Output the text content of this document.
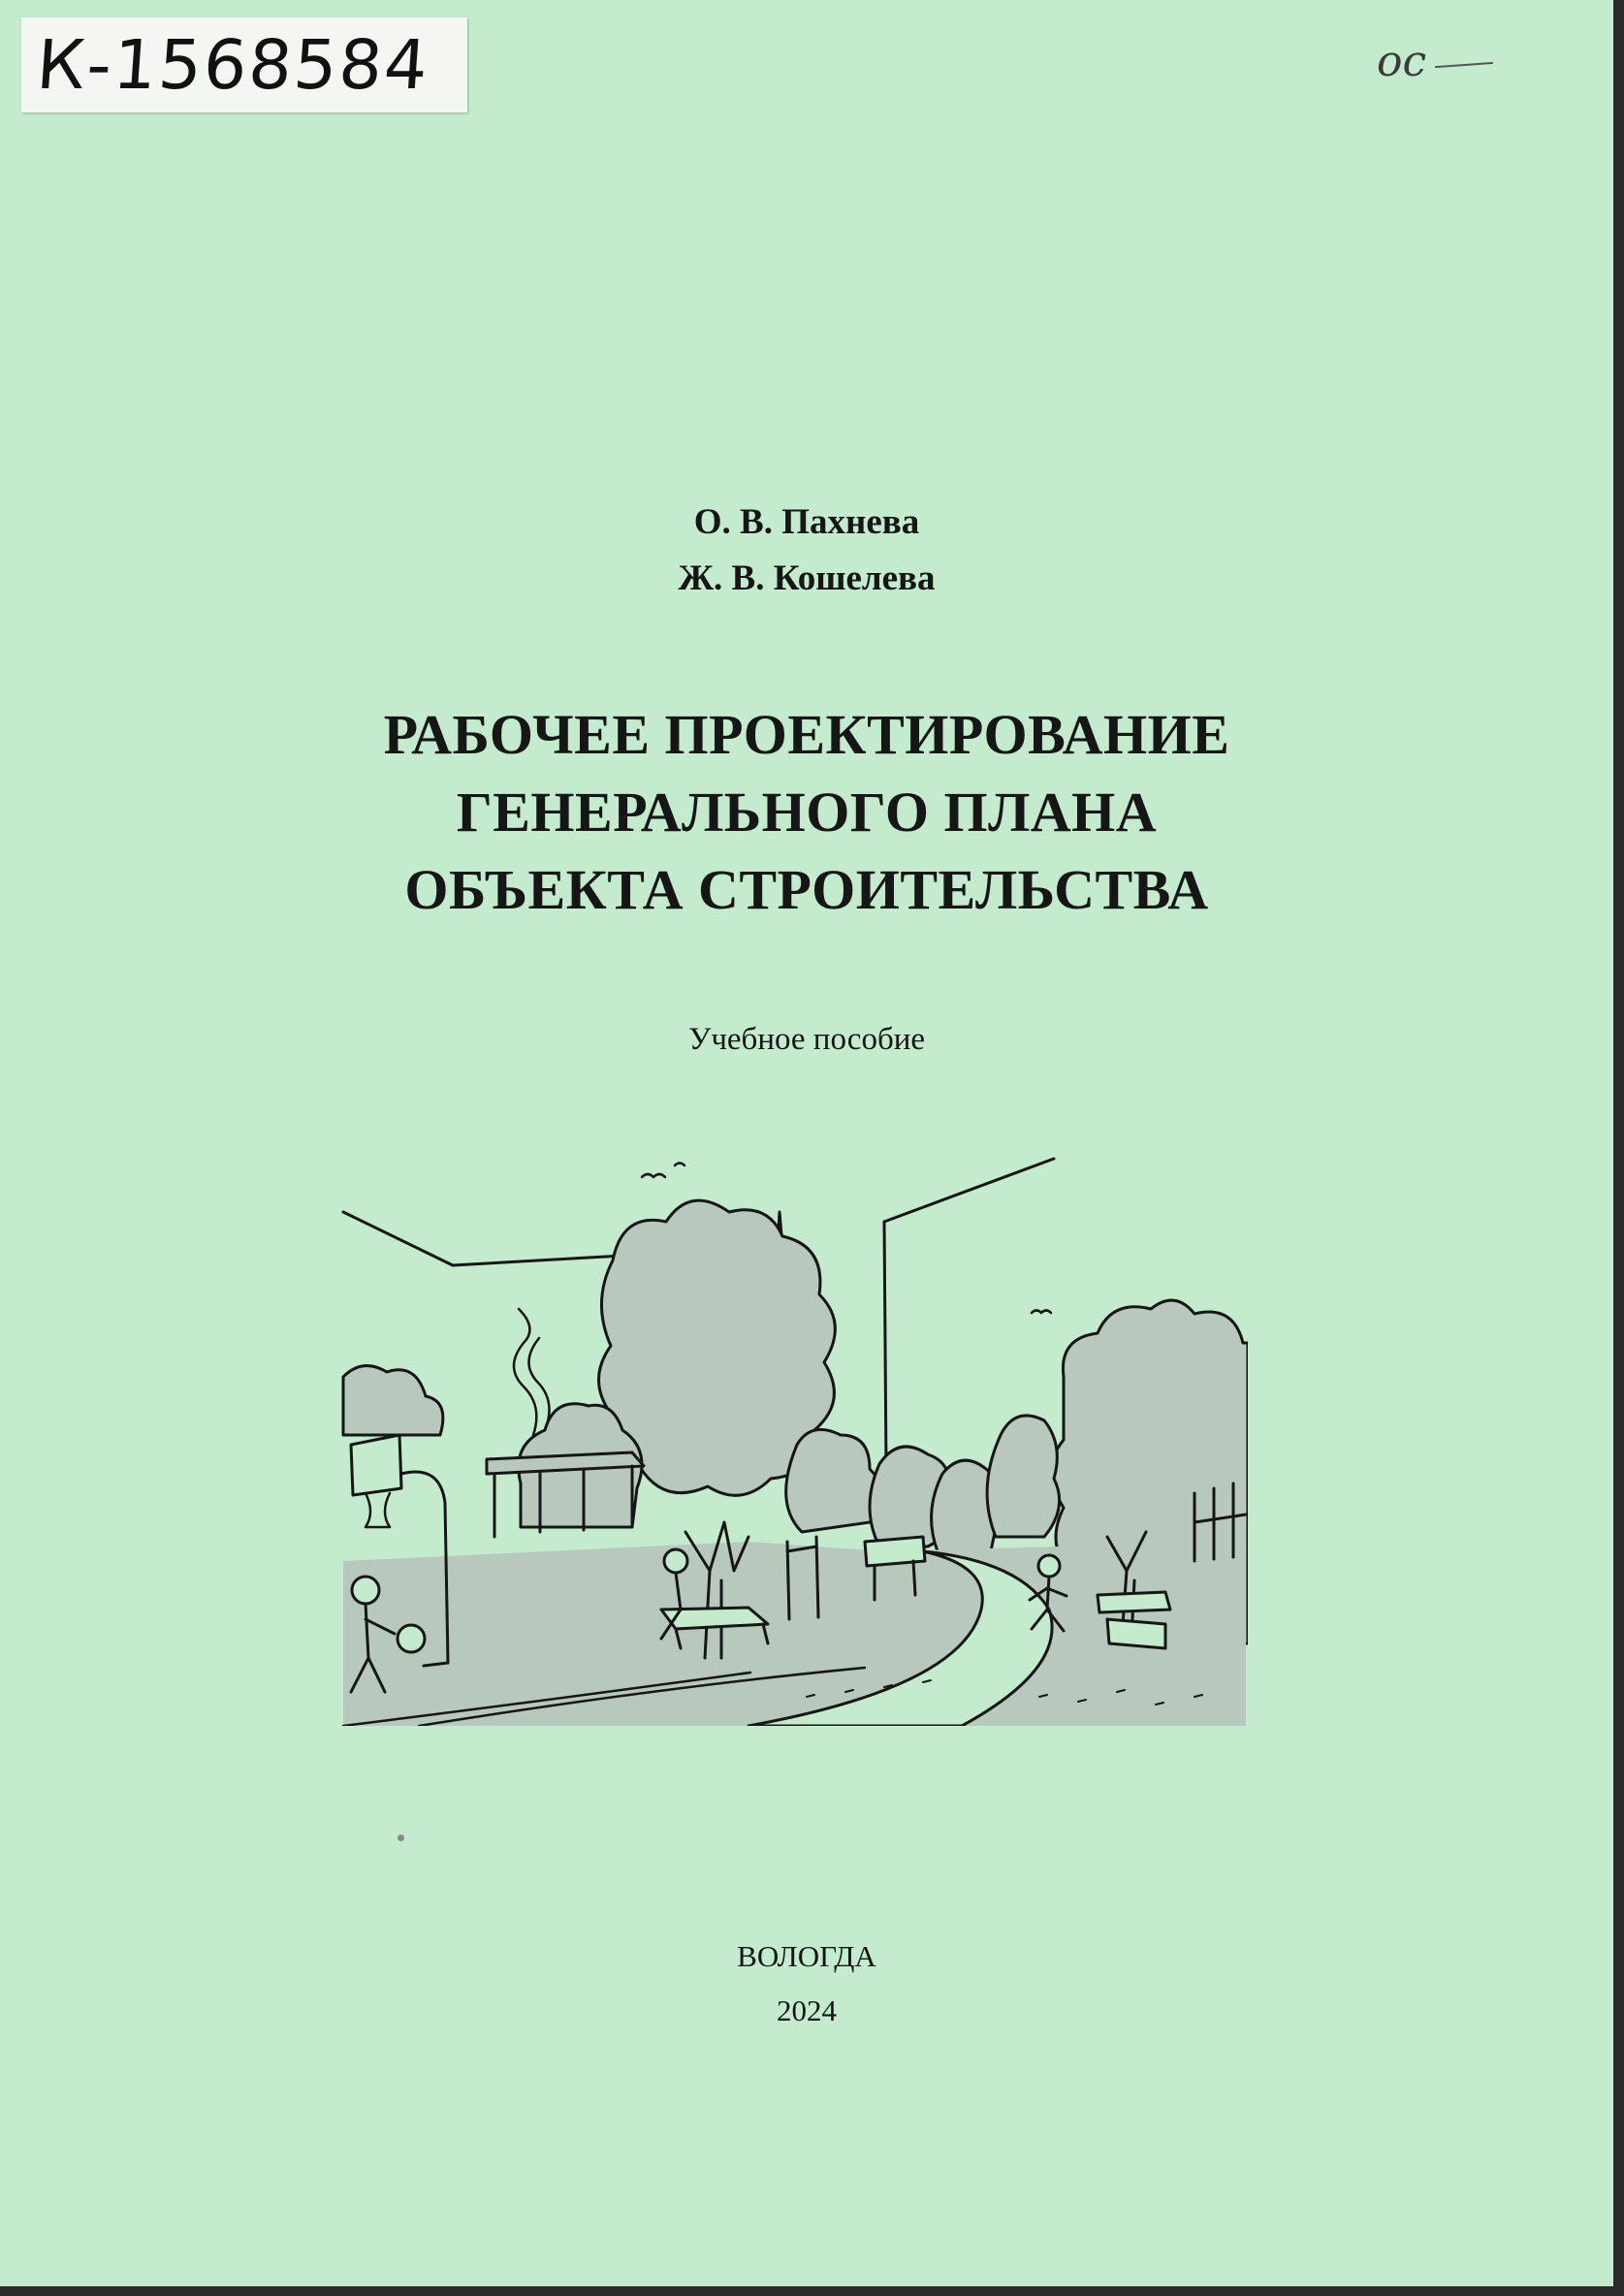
К-1568584	ос
О. В. Пахнева
Ж. В. Кошелева
РАБОЧЕЕ ПРОЕКТИРОВАНИЕ
ГЕНЕРАЛЬНОГО ПЛАНА
ОБЪЕКТА СТРОИТЕЛЬСТВА
Учебное пособие
ВОЛОГДА
2024
